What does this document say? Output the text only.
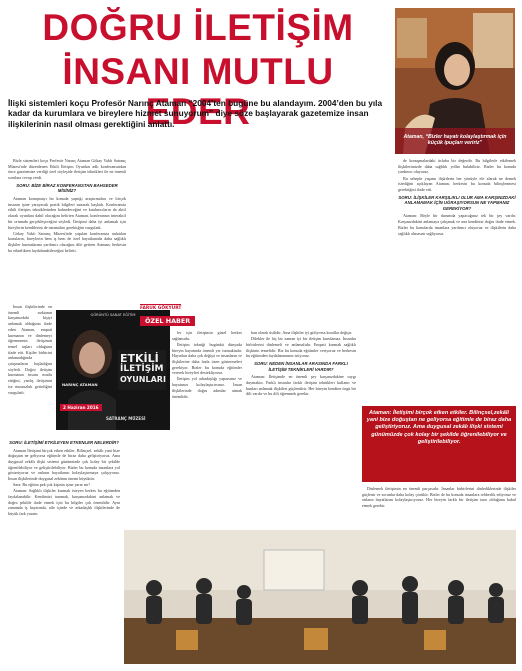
DOĞRU İLETİŞİM
İNSANI MUTLU EDER
İlişki sistemleri koçu Profesör Narınç Ataman “2004’ten bugüne bu alandayım. 2004’den bu yıla kadar da kurumlara ve bireylere hizmet sunuyorum” diye söze başlayarak gazetemize insan ilişkilerinin nasıl olması gerektiğini anlattı.
Ataman, “Bizler hayatı kolaylaştırmak için küçük ipuçları veririz”

Bizle sistemleri koçu Profesör Narınç Ataman Gökay Vakfı Satranç Müzesi'nde düzenlenen Etkili İletişim Oyunları adlı konferansından önce gazetemize verdiği özel söyleşide iletişim teknikleri ile ne önemli sorulara cevap verdi.

SORU: BİZE BİRAZ KONFERANSTAN BAHSEDER MİSİNİZ?

Ataman konuşmayı bu konuda yaptığı araştırmaları ve birçok insanın işine yarayacak pratik bilgileri sunarak başladı. Konferansta etkili iletişim tekniklerinden bahsedeceğini ve katılımcıların da aktif olarak oyunlara dahil olacağını belirten Ataman, konferansın interaktif bir ortamda gerçekleşeceğini söyledi. İletişimi daha iyi anlamak için bireylerin kendilerini de tanımaları gerektiğini vurguladı.

Gökay Vakfı Satranç Müzesi'nde yapılan konferansta anlatılan konuların, bireylerin hem iş hem de özel hayatlarında daha sağlıklı ilişkiler kurmalarına yardımcı olacağını dile getiren Ataman, herkesin bu etkinlikten faydalanabileceğini belirtti.

İnsan ilişkilerinde en önemli noktanın karşımızdaki kişiyi anlamak olduğunu ifade eden Ataman, empati kurmanın ve dinlemeyi öğrenmenin iletişimin temel taşları olduğunu ifade etti. Kişiler birbirini anlamadığında çatışmaların başladığını söyledi. Doğru iletişim kurmanın insanı mutlu ettiğini, yanlış iletişimin ise mutsuzluk getirdiğini vurguladı.

GÖRÜNTÜ SANAT EĞİTİM
NARINÇ ATAMAN
ETKİLİ
İLETİŞİM
OYUNLARI
2 Haziran 2016
SATRANÇ MÜZESİ
FARUK GÖKYURT
ÖZEL HABER

ler için iletişimin güzel herkes sağlamıdır.

İletişim tekniği bugünkü dünyada bireyin hayatında önemli yer tutmaktadır. Hayatları daha çok değişti ve insanların ve ilişkilerine daha fazla özen göstermeleri gerekiyor. Bizler bu konuda eğitimler vererek bireyleri destekliyoruz.

İletişim yol arkadaşlığı yaparsınız ve hayatınızı kolaylaştırırsınız. İnsan ilişkilerinde doğru adımlar atmak önemlidir.

ban olarak üstlidir. Ama ilişkiler iyi gidiyorsa kurallar değişir.

Dilekler ile hiç bir zaman iyi bir iletişim kurulamaz. İnsanlar birbirlerini dinlemeli ve anlamalıdır. Empati kurmak sağlıklı ilişkinin temelidir. Biz bu konuda eğitimler veriyoruz ve herkesin bu eğitimden faydalanmasını istiyoruz.

SORU: NEDEN İNSANLAR ARASINDA FARKLI İLETİŞİM TEKNİKLERİ VARDIR?

Ataman: İletişimde en önemli şey karşınızdakine saygı duymaktır. Farklı insanlar farklı iletişim teknikleri kullanır ve bunları anlamak ilişkileri güçlendirir. Her bireyin kendine özgü bir dili vardır ve bu dili öğrenmek gerekir.

de konuşmalardaki üslubu bir değerdir. Bu bilgilerle etkilemek ilişkilerimizde daha sağlıklı yollar bulabiliriz. Bizler bu konuda yardımcı oluyoruz.

Bu sebeple yaşamı ilişkilerin her yönüyle ele alarak ne demek istediğini açıklayan Ataman, herkesin bu konuda bilinçlenmesi gerektiğini ifade etti.

SORU: İLİŞKİLER KARŞILIKLI OLUR AMA KARŞINIZDAKİ ANLAMAMAK İÇİN UĞRAŞIYORSUN NE YAPMANIZ GEREKİYOR?

Ataman: Böyle bir durumda yapacağınız tek bir şey vardır. Karşınızdakini anlamaya çalışmak ve ona kendinizi doğru ifade etmek. Bizler bu konularda insanlara yardımcı oluyoruz ve ilişkilerin daha sağlıklı olmasını sağlıyoruz.

Ataman: İletişimi birçok etken etkiler. Bilinçsel,zekâli yani bize doğuştan ne geliyorsa eğitimle de biraz daha geliştiriyoruz. Ama duygusal zekâlı ilişki sistemi günümüzde çok kolay bir şekilde öğrenilebiliyor ve geliştirilebiliyor.

Dinlemek iletişimin en önemli parçasıdır. İnsanlar birbirlerini dinlediklerinde ilişkiler güçlenir ve sorunlar daha kolay çözülür. Bizler de bu konuda insanlara rehberlik ediyoruz ve onların hayatlarını kolaylaştırıyoruz. Her bireyin farklı bir iletişim tarzı olduğunu kabul etmek gerekir.

SORU: İLETİŞİMİ ETKİLEYEN ETKENLER NELERDİR?

Ataman İletişimi birçok etken etkiler. Bilinçsel, zekâlı yani bize doğuştan ne geliyorsa eğitimle de biraz daha geliştiriyoruz. Ama duygusal zekâlı ilişki sistemi günümüzde çok kolay bir şekilde öğrenilebiliyor ve geliştirilebiliyor. Bizler bu konuda insanlara yol gösteriyoruz ve onların hayatlarını kolaylaştırmaya çalışıyoruz. İnsan ilişkilerinde duygusal zekânın önemi büyüktür.

Sara: Bu eğitim pek çok kişinin işine yarar mı?

Ataman: Sağlıklı ilişkiler kurmak isteyen herkes bu eğitimden faydalanabilir. Kendimizi tanımak, karşımızdakini anlamak ve doğru şekilde ifade etmek için bu bilgiler çok önemlidir. Aynı zamanda iş hayatında, aile içinde ve arkadaşlık ilişkilerinde de büyük fark yaratır.
